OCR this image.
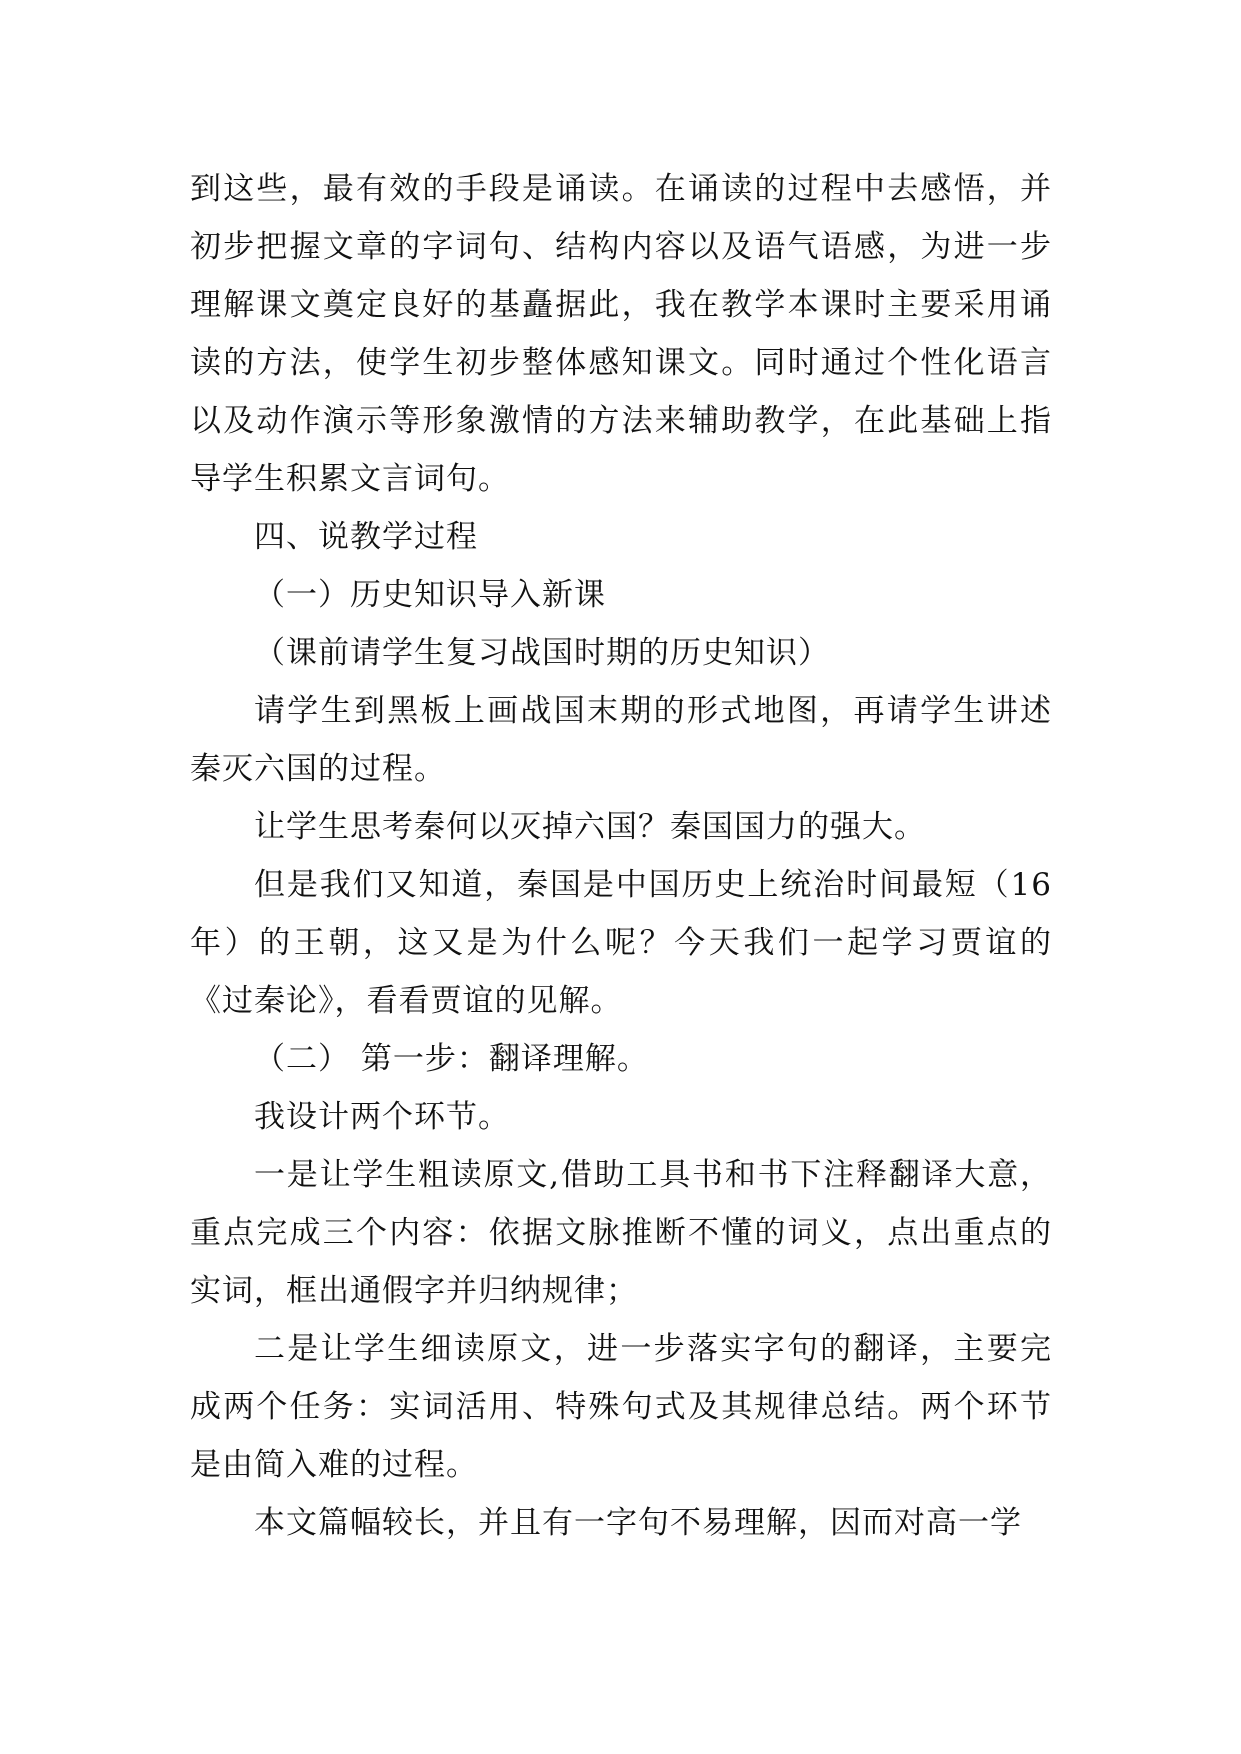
到这些，最有效的手段是诵读。在诵读的过程中去感悟，并初步把握文章的字词句、结构内容以及语气语感，为进一步理解课文奠定良好的基矗据此，我在教学本课时主要采用诵读的方法，使学生初步整体感知课文。同时通过个性化语言以及动作演示等形象激情的方法来辅助教学，在此基础上指导学生积累文言词句。

四、说教学过程

（一）历史知识导入新课

（课前请学生复习战国时期的历史知识）

请学生到黑板上画战国末期的形式地图，再请学生讲述秦灭六国的过程。

让学生思考秦何以灭掉六国？秦国国力的强大。

但是我们又知道，秦国是中国历史上统治时间最短（16年）的王朝，这又是为什么呢？今天我们一起学习贾谊的《过秦论》，看看贾谊的见解。

（二） 第一步：翻译理解。

我设计两个环节。

一是让学生粗读原文,借助工具书和书下注释翻译大意，重点完成三个内容：依据文脉推断不懂的词义，点出重点的实词，框出通假字并归纳规律；

二是让学生细读原文，进一步落实字句的翻译，主要完成两个任务：实词活用、特殊句式及其规律总结。两个环节是由简入难的过程。

本文篇幅较长，并且有一字句不易理解，因而对高一学
